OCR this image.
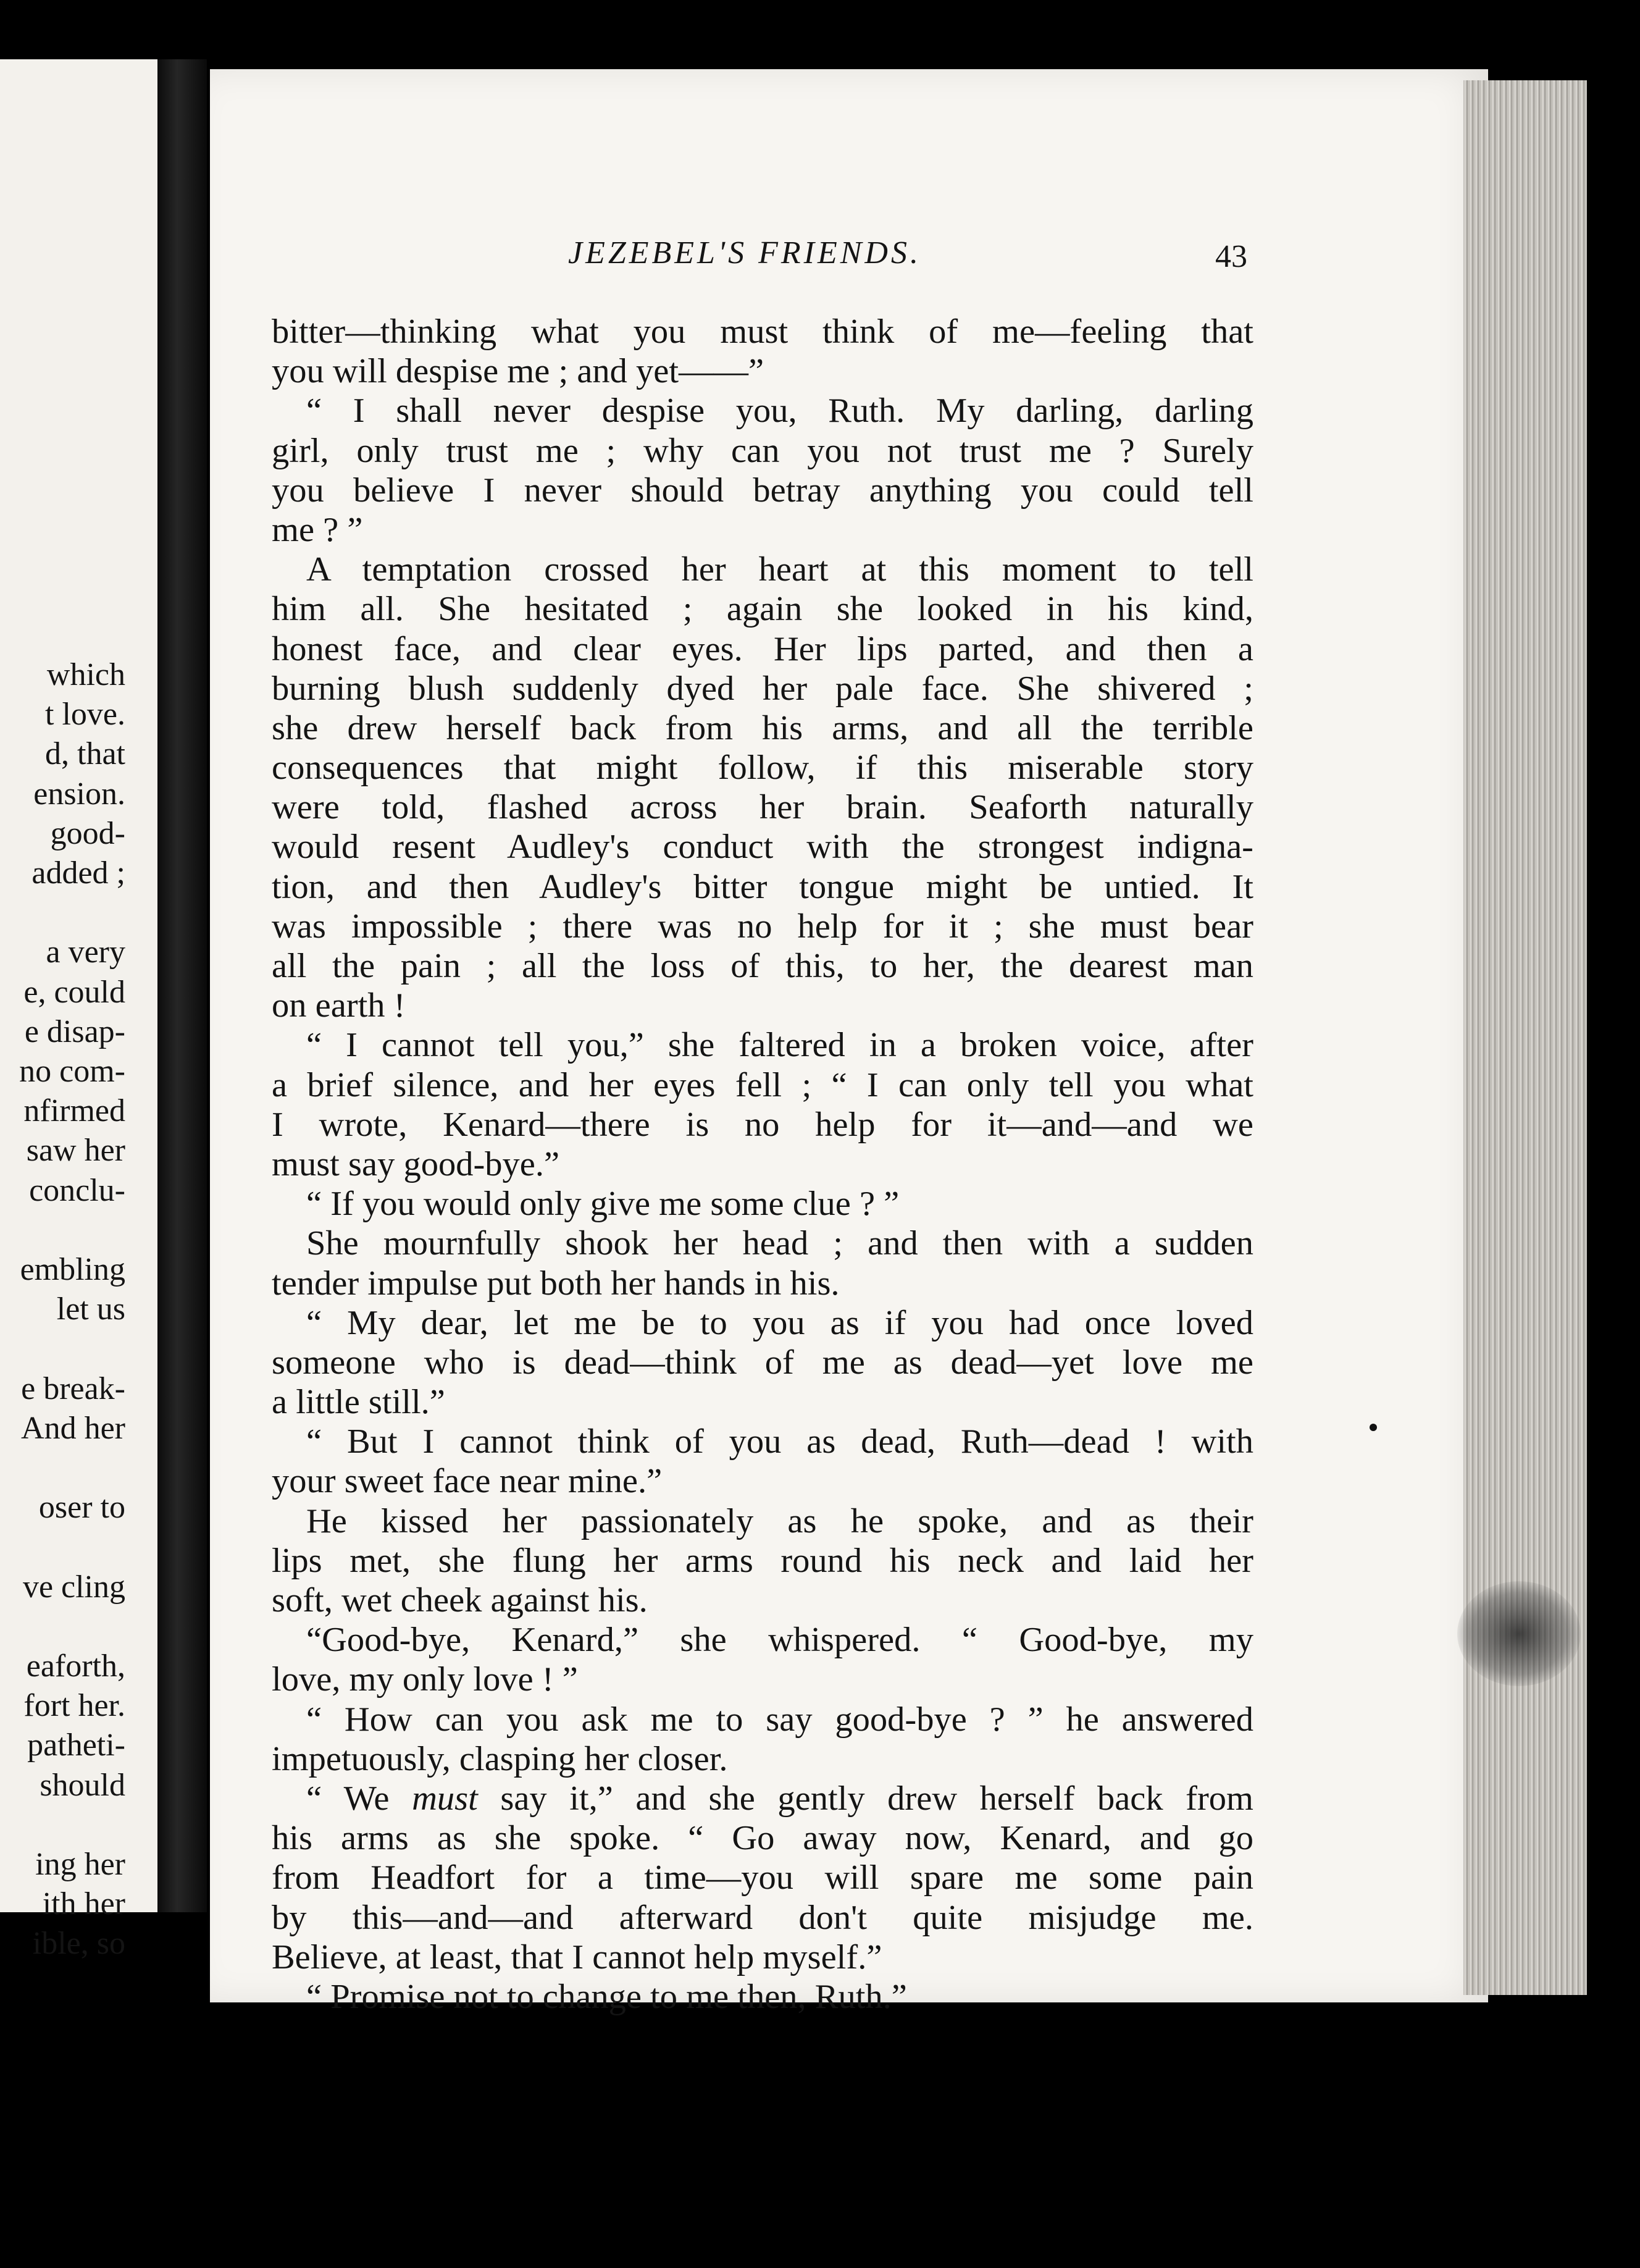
which
t love.
d, that
ension.
good-
added ;
a very
e, could
e disap-
no com-
nfirmed
saw her
conclu-
embling
let us
e break-
And her
oser to
ve cling
eaforth,
fort her.
patheti-
should
ing her
ith her
ible, so
JEZEBEL'S FRIENDS.	43
bitter—thinking what you must think of me—feeling that
you will despise me ; and yet——”
“ I shall never despise you, Ruth. My darling, darling
girl, only trust me ; why can you not trust me ? Surely
you believe I never should betray anything you could tell
me ? ”
A temptation crossed her heart at this moment to tell
him all. She hesitated ; again she looked in his kind,
honest face, and clear eyes. Her lips parted, and then a
burning blush suddenly dyed her pale face. She shivered ;
she drew herself back from his arms, and all the terrible
consequences that might follow, if this miserable story
were told, flashed across her brain. Seaforth naturally
would resent Audley's conduct with the strongest indigna-
tion, and then Audley's bitter tongue might be untied. It
was impossible ; there was no help for it ; she must bear
all the pain ; all the loss of this, to her, the dearest man
on earth !
“ I cannot tell you,” she faltered in a broken voice, after
a brief silence, and her eyes fell ; “ I can only tell you what
I wrote, Kenard—there is no help for it—and—and we
must say good-bye.”
“ If you would only give me some clue ? ”
She mournfully shook her head ; and then with a sudden
tender impulse put both her hands in his.
“ My dear, let me be to you as if you had once loved
someone who is dead—think of me as dead—yet love me
a little still.”
“ But I cannot think of you as dead, Ruth—dead ! with
your sweet face near mine.”
He kissed her passionately as he spoke, and as their
lips met, she flung her arms round his neck and laid her
soft, wet cheek against his.
“Good-bye, Kenard,” she whispered. “ Good-bye, my
love, my only love ! ”
“ How can you ask me to say good-bye ? ” he answered
impetuously, clasping her closer.
“ We must say it,” and she gently drew herself back from
his arms as she spoke. “ Go away now, Kenard, and go
from Headfort for a time—you will spare me some pain
by this—and—and afterward don't quite misjudge me.
Believe, at least, that I cannot help myself.”
“ Promise not to change to me then, Ruth.”
